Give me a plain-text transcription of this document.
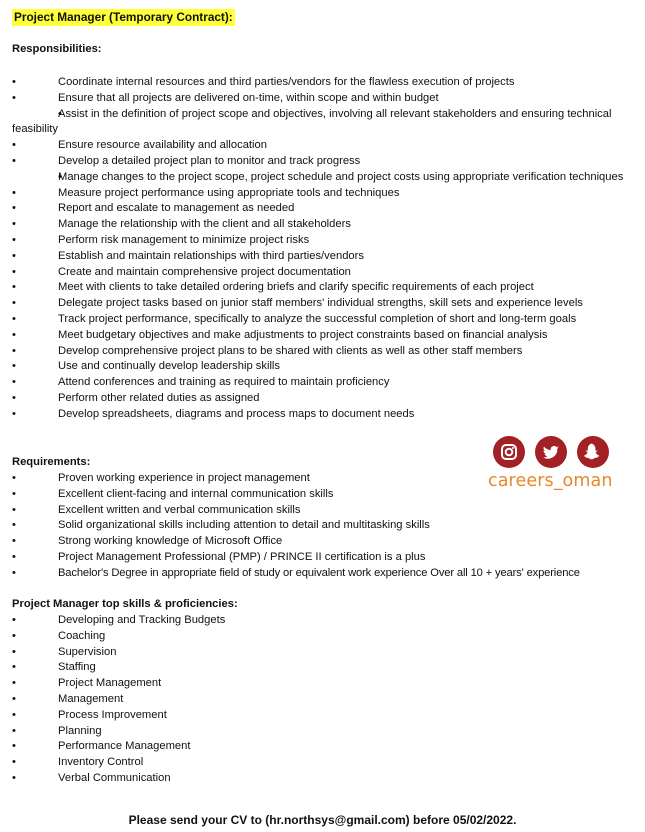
Project Manager (Temporary Contract):
Responsibilities:
• Coordinate internal resources and third parties/vendors for the flawless execution of projects
• Ensure that all projects are delivered on-time, within scope and within budget
• Assist in the definition of project scope and objectives, involving all relevant stakeholders and ensuring technical feasibility
• Ensure resource availability and allocation
• Develop a detailed project plan to monitor and track progress
• Manage changes to the project scope, project schedule and project costs using appropriate verification techniques
• Measure project performance using appropriate tools and techniques
• Report and escalate to management as needed
• Manage the relationship with the client and all stakeholders
• Perform risk management to minimize project risks
• Establish and maintain relationships with third parties/vendors
• Create and maintain comprehensive project documentation
• Meet with clients to take detailed ordering briefs and clarify specific requirements of each project
• Delegate project tasks based on junior staff members' individual strengths, skill sets and experience levels
• Track project performance, specifically to analyze the successful completion of short and long-term goals
• Meet budgetary objectives and make adjustments to project constraints based on financial analysis
• Develop comprehensive project plans to be shared with clients as well as other staff members
• Use and continually develop leadership skills
• Attend conferences and training as required to maintain proficiency
• Perform other related duties as assigned
• Develop spreadsheets, diagrams and process maps to document needs
careers_oman
Requirements:
• Proven working experience in project management
• Excellent client-facing and internal communication skills
• Excellent written and verbal communication skills
• Solid organizational skills including attention to detail and multitasking skills
• Strong working knowledge of Microsoft Office
• Project Management Professional (PMP) / PRINCE II certification is a plus
• Bachelor's Degree in appropriate field of study or equivalent work experience Over all 10 + years' experience
Project Manager top skills & proficiencies:
• Developing and Tracking Budgets
• Coaching
• Supervision
• Staffing
• Project Management
• Management
• Process Improvement
• Planning
• Performance Management
• Inventory Control
• Verbal Communication
Please send your CV to (hr.northsys@gmail.com) before 05/02/2022.
